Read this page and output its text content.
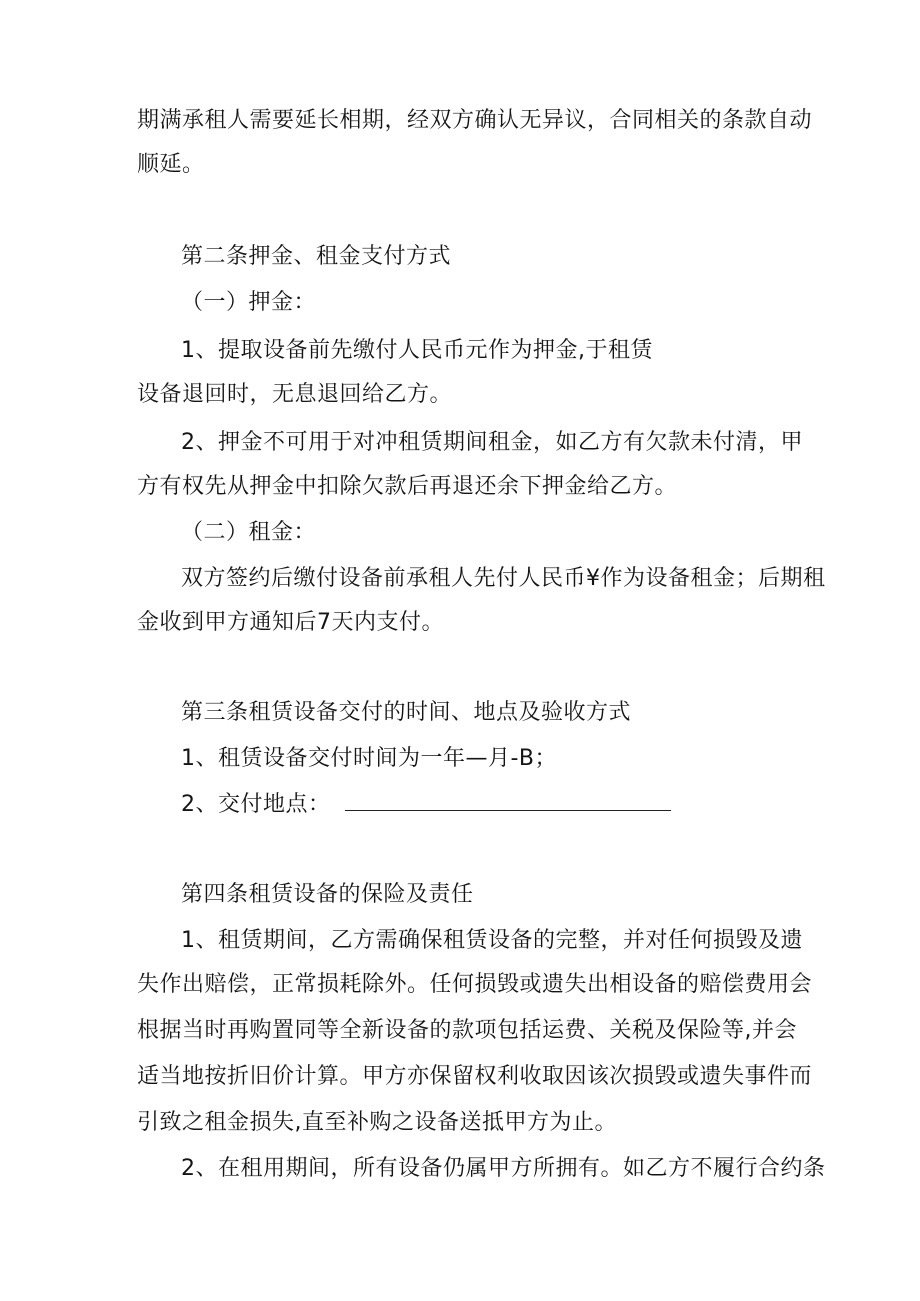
期满承租人需要延长相期，经双方确认无异议，合同相关的条款自动
顺延。
第二条押金、租金支付方式
（一）押金：
1、提取设备前先缴付人民币元作为押金,于租赁
设备退回时，无息退回给乙方。
2、押金不可用于对冲租赁期间租金，如乙方有欠款未付清，甲
方有权先从押金中扣除欠款后再退还余下押金给乙方。
（二）租金：
双方签约后缴付设备前承租人先付人民币¥作为设备租金；后期租
金收到甲方通知后7天内支付。
第三条租赁设备交付的时间、地点及验收方式
1、租赁设备交付时间为一年—月-B；
2、交付地点：
第四条租赁设备的保险及责任
1、租赁期间，乙方需确保租赁设备的完整，并对任何损毁及遗
失作出赔偿，正常损耗除外。任何损毁或遗失出相设备的赔偿费用会
根据当时再购置同等全新设备的款项包括运费、关税及保险等,并会
适当地按折旧价计算。甲方亦保留权利收取因该次损毁或遗失事件而
引致之租金损失,直至补购之设备送抵甲方为止。
2、在租用期间，所有设备仍属甲方所拥有。如乙方不履行合约条
